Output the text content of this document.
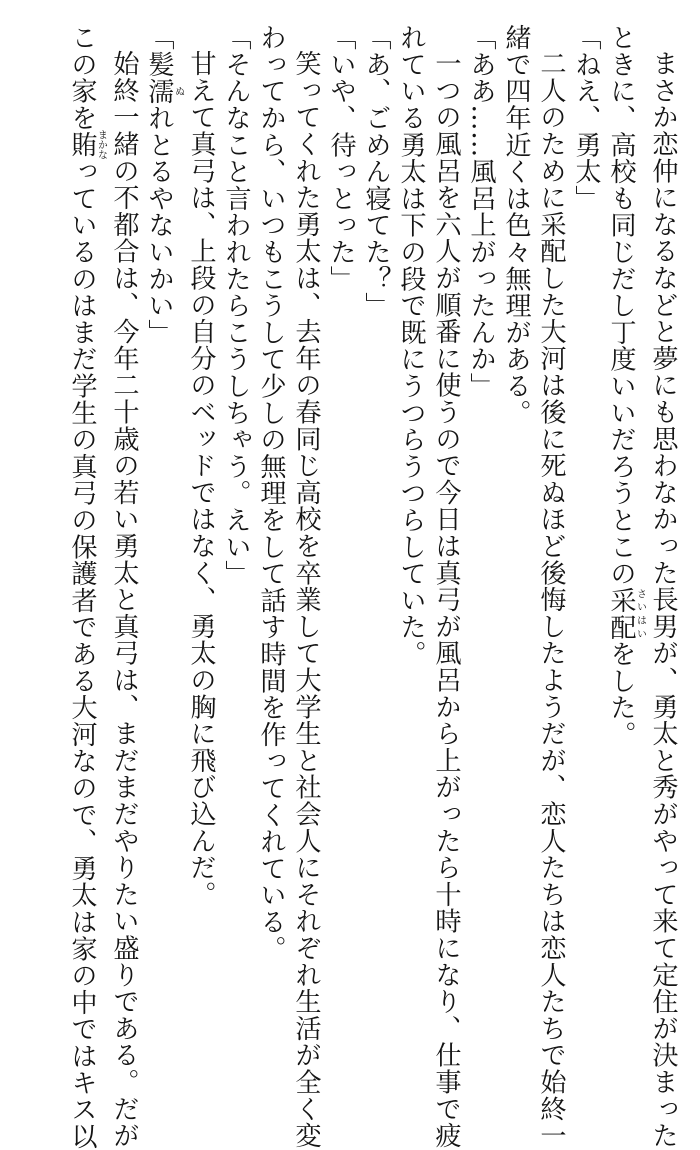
まさか恋仲になるなどと夢にも思わなかった長男が、勇太と秀がやって来て定住が決まった
ときに、高校も同じだし丁度いいだろうとこの采配さいはいをした。
「ねえ、勇太」
二人のために采配した大河は後に死ぬほど後悔したようだが、恋人たちは恋人たちで始終一
緒で四年近くは色々無理がある。
「ああ……風呂上がったんか」
一つの風呂を六人が順番に使うので今日は真弓が風呂から上がったら十時になり、仕事で疲
れている勇太は下の段で既にうつらうつらしていた。
「あ、ごめん寝てた？」
「いや、待っとった」
笑ってくれた勇太は、去年の春同じ高校を卒業して大学生と社会人にそれぞれ生活が全く変
わってから、いつもこうして少しの無理をして話す時間を作ってくれている。
「そんなこと言われたらこうしちゃう。えい」
甘えて真弓は、上段の自分のベッドではなく、勇太の胸に飛び込んだ。
「髪濡ぬれとるやないかい」
始終一緒の不都合は、今年二十歳の若い勇太と真弓は、まだまだやりたい盛りである。だが
この家を賄まかなっているのはまだ学生の真弓の保護者である大河なので、勇太は家の中ではキス以
